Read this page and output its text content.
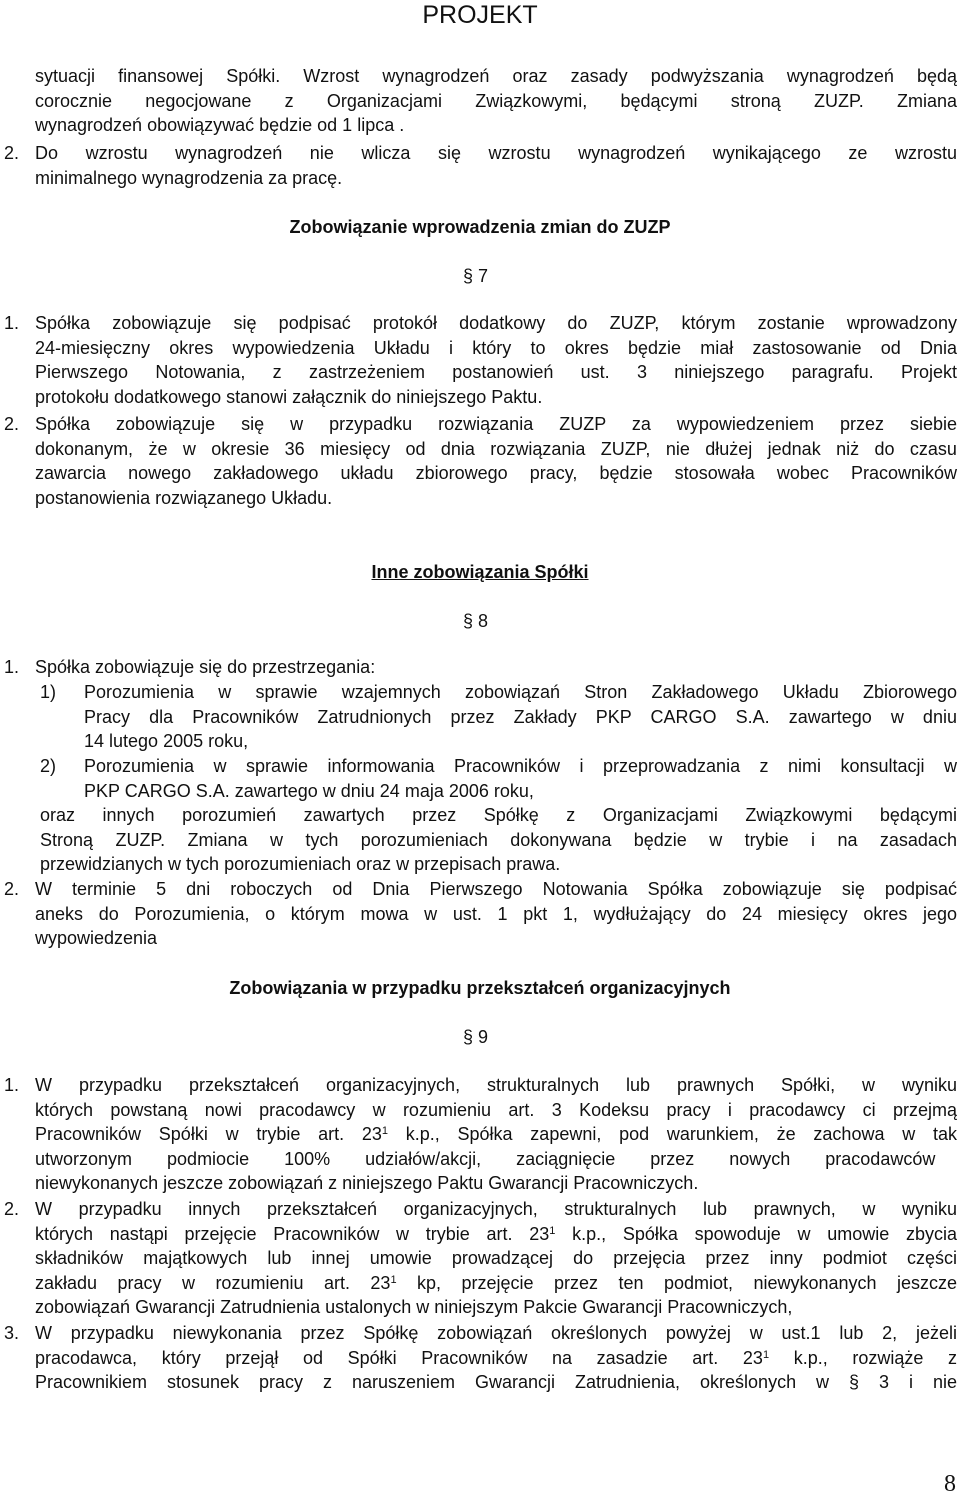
PROJEKT
sytuacji finansowej Spółki. Wzrost wynagrodzeń oraz zasady podwyższania wynagrodzeń będą
corocznie negocjowane z Organizacjami Związkowymi, będącymi stroną ZUZP. Zmiana
wynagrodzeń obowiązywać będzie od 1 lipca .
2. Do wzrostu wynagrodzeń nie wlicza się wzrostu wynagrodzeń wynikającego ze wzrostu
minimalnego wynagrodzenia za pracę.
Zobowiązanie wprowadzenia zmian do ZUZP
§ 7
1. Spółka zobowiązuje się podpisać protokół dodatkowy do ZUZP, którym zostanie wprowadzony
24-miesięczny okres wypowiedzenia Układu i który to okres będzie miał zastosowanie od Dnia
Pierwszego Notowania, z zastrzeżeniem postanowień ust. 3 niniejszego paragrafu. Projekt
protokołu dodatkowego stanowi załącznik do niniejszego Paktu.
2. Spółka zobowiązuje się w przypadku rozwiązania ZUZP za wypowiedzeniem przez siebie
dokonanym, że w okresie 36 miesięcy od dnia rozwiązania ZUZP, nie dłużej jednak niż do czasu
zawarcia nowego zakładowego układu zbiorowego pracy, będzie stosowała wobec Pracowników
postanowienia rozwiązanego Układu.
Inne zobowiązania Spółki
§ 8
1. Spółka zobowiązuje się do przestrzegania:
1) Porozumienia w sprawie wzajemnych zobowiązań Stron Zakładowego Układu Zbiorowego
Pracy dla Pracowników Zatrudnionych przez Zakłady PKP CARGO S.A. zawartego w dniu
14 lutego 2005 roku,
2) Porozumienia w sprawie informowania Pracowników i przeprowadzania z nimi konsultacji w
PKP CARGO S.A. zawartego w dniu 24 maja 2006 roku,
oraz innych porozumień zawartych przez Spółkę z Organizacjami Związkowymi będącymi
Stroną ZUZP. Zmiana w tych porozumieniach dokonywana będzie w trybie i na zasadach
przewidzianych w tych porozumieniach oraz w przepisach prawa.
2. W terminie 5 dni roboczych od Dnia Pierwszego Notowania Spółka zobowiązuje się podpisać
aneks do Porozumienia, o którym mowa w ust. 1 pkt 1, wydłużający do 24 miesięcy okres jego
wypowiedzenia
Zobowiązania w przypadku przekształceń organizacyjnych
§ 9
1. W przypadku przekształceń organizacyjnych, strukturalnych lub prawnych Spółki, w wyniku
których powstaną nowi pracodawcy w rozumieniu art. 3 Kodeksu pracy i pracodawcy ci przejmą
Pracowników Spółki w trybie art. $23^1$ k.p., Spółka zapewni, pod warunkiem, że zachowa w tak
utworzonym podmiocie 100% udziałów/akcji, zaciągnięcie przez nowych pracodawców
niewykonanych jeszcze zobowiązań z niniejszego Paktu Gwarancji Pracowniczych.
2. W przypadku innych przekształceń organizacyjnych, strukturalnych lub prawnych, w wyniku
których nastąpi przejęcie Pracowników w trybie art. $23^1$ k.p., Spółka spowoduje w umowie zbycia
składników majątkowych lub innej umowie prowadzącej do przejęcia przez inny podmiot części
zakładu pracy w rozumieniu art. $23^1$ kp, przejęcie przez ten podmiot, niewykonanych jeszcze
zobowiązań Gwarancji Zatrudnienia ustalonych w niniejszym Pakcie Gwarancji Pracowniczych,
3. W przypadku niewykonania przez Spółkę zobowiązań określonych powyżej w ust.1 lub 2, jeżeli
pracodawca, który przejął od Spółki Pracowników na zasadzie art. $23^1$ k.p., rozwiąże z
Pracownikiem stosunek pracy z naruszeniem Gwarancji Zatrudnienia, określonych w § 3 i nie
8
